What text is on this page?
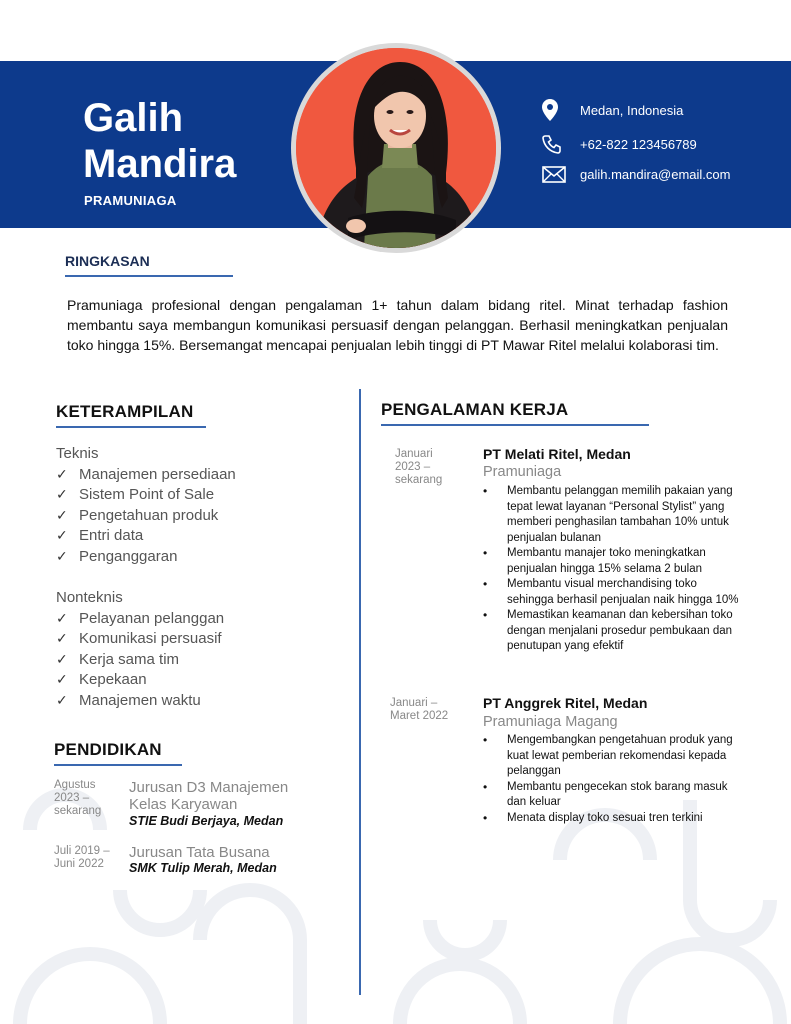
Galih
Mandira
PRAMUNIAGA
Medan, Indonesia
+62-822 123456789
galih.mandira@email.com
RINGKASAN

Pramuniaga profesional dengan pengalaman 1+ tahun dalam bidang ritel. Minat terhadap fashion membantu saya membangun komunikasi persuasif dengan pelanggan. Berhasil meningkatkan penjualan toko hingga 15%. Bersemangat mencapai penjualan lebih tinggi di PT Mawar Ritel melalui kolaborasi tim.

KETERAMPILAN
Teknis
✓ Manajemen persediaan
✓ Sistem Point of Sale
✓ Pengetahuan produk
✓ Entri data
✓ Penganggaran
Nonteknis
✓ Pelayanan pelanggan
✓ Komunikasi persuasif
✓ Kerja sama tim
✓ Kepekaan
✓ Manajemen waktu
PENDIDIKAN
Agustus 2023 – sekarang
Jurusan D3 Manajemen Kelas Karyawan
STIE Budi Berjaya, Medan
Juli 2019 – Juni 2022
Jurusan Tata Busana
SMK Tulip Merah, Medan
PENGALAMAN KERJA
Januari 2023 – sekarang
PT Melati Ritel, Medan
Pramuniaga
• Membantu pelanggan memilih pakaian yang tepat lewat layanan “Personal Stylist” yang memberi penghasilan tambahan 10% untuk penjualan bulanan
• Membantu manajer toko meningkatkan penjualan hingga 15% selama 2 bulan
• Membantu visual merchandising toko sehingga berhasil penjualan naik hingga 10%
• Memastikan keamanan dan kebersihan toko dengan menjalani prosedur pembukaan dan penutupan yang efektif
Januari – Maret 2022
PT Anggrek Ritel, Medan
Pramuniaga Magang
• Mengembangkan pengetahuan produk yang kuat lewat pemberian rekomendasi kepada pelanggan
• Membantu pengecekan stok barang masuk dan keluar
• Menata display toko sesuai tren terkini
